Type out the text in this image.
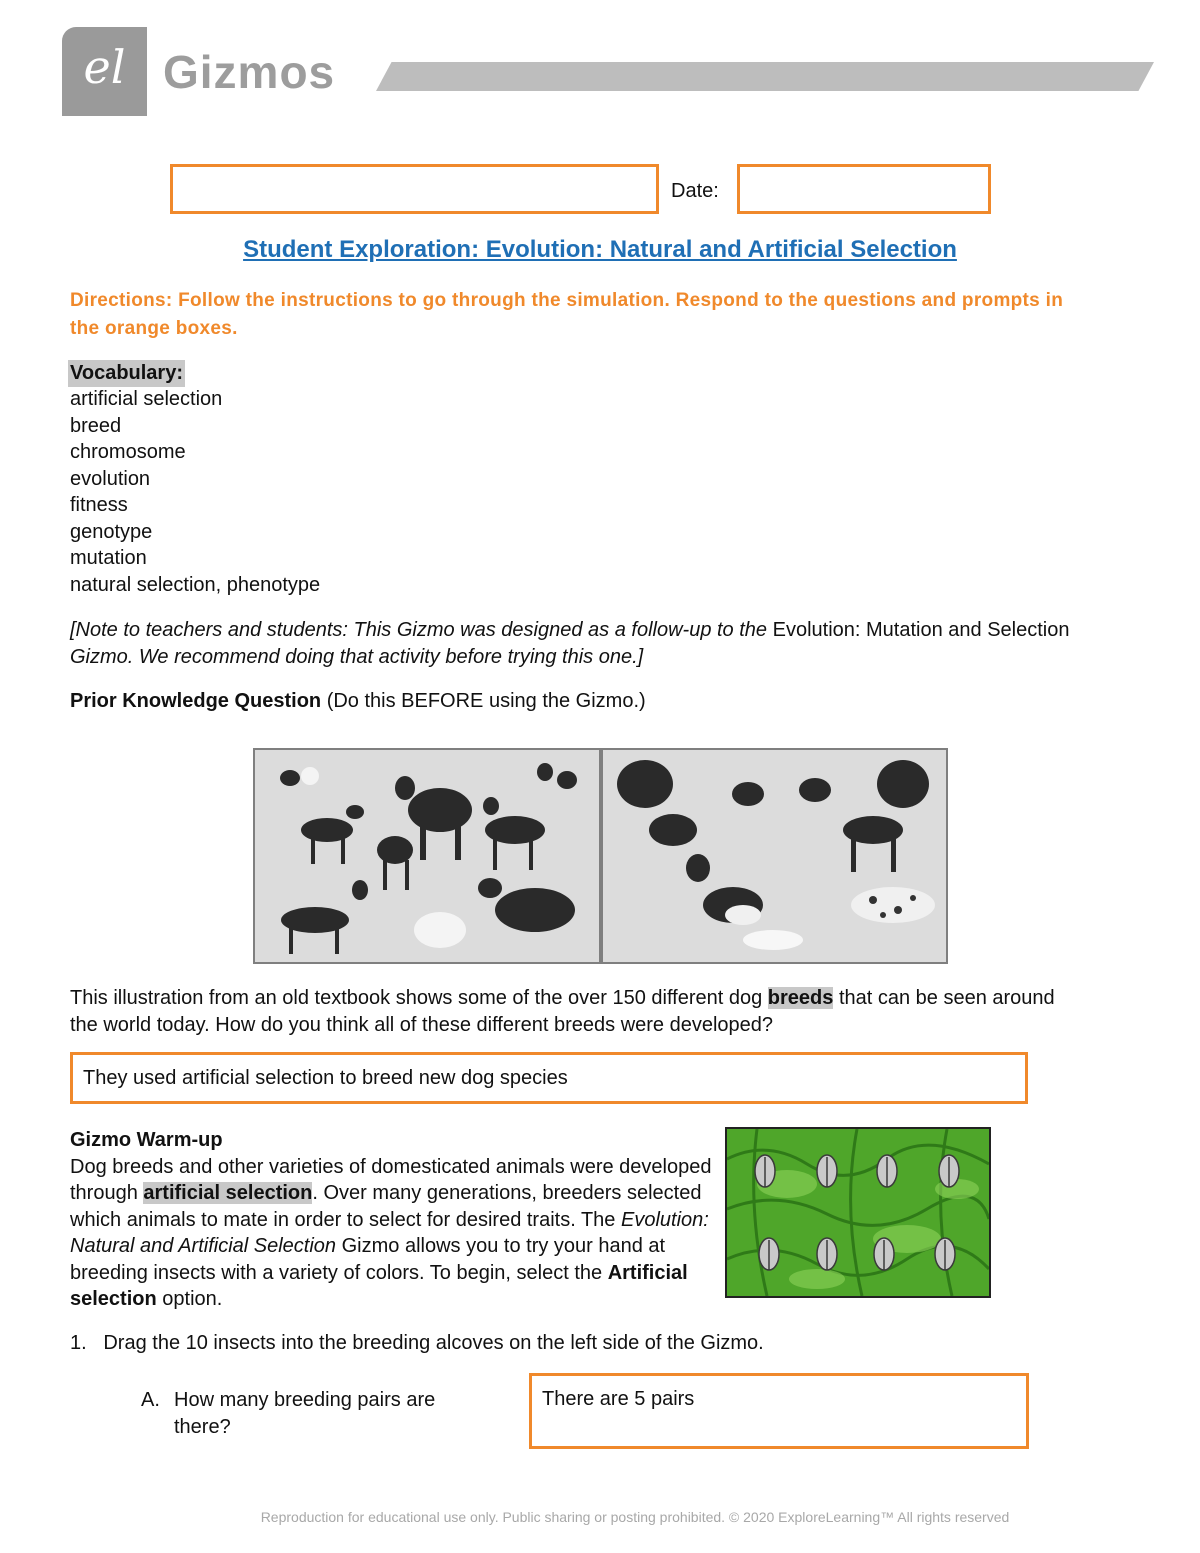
el Gizmos
Date:
Student Exploration: Evolution: Natural and Artificial Selection
Directions: Follow the instructions to go through the simulation. Respond to the questions and prompts in the orange boxes.
Vocabulary:
artificial selection
breed
chromosome
evolution
fitness
genotype
mutation
natural selection, phenotype
[Note to teachers and students: This Gizmo was designed as a follow-up to the Evolution: Mutation and Selection Gizmo. We recommend doing that activity before trying this one.]
Prior Knowledge Question (Do this BEFORE using the Gizmo.)
This illustration from an old textbook shows some of the over 150 different dog breeds that can be seen around the world today. How do you think all of these different breeds were developed?
They used artificial selection to breed new dog species
Gizmo Warm-up
Dog breeds and other varieties of domesticated animals were developed through artificial selection. Over many generations, breeders selected which animals to mate in order to select for desired traits. The Evolution: Natural and Artificial Selection Gizmo allows you to try your hand at breeding insects with a variety of colors. To begin, select the Artificial selection option.
1. Drag the 10 insects into the breeding alcoves on the left side of the Gizmo.
A. How many breeding pairs are there?
There are 5 pairs
Reproduction for educational use only. Public sharing or posting prohibited. © 2020 ExploreLearning™ All rights reserved
